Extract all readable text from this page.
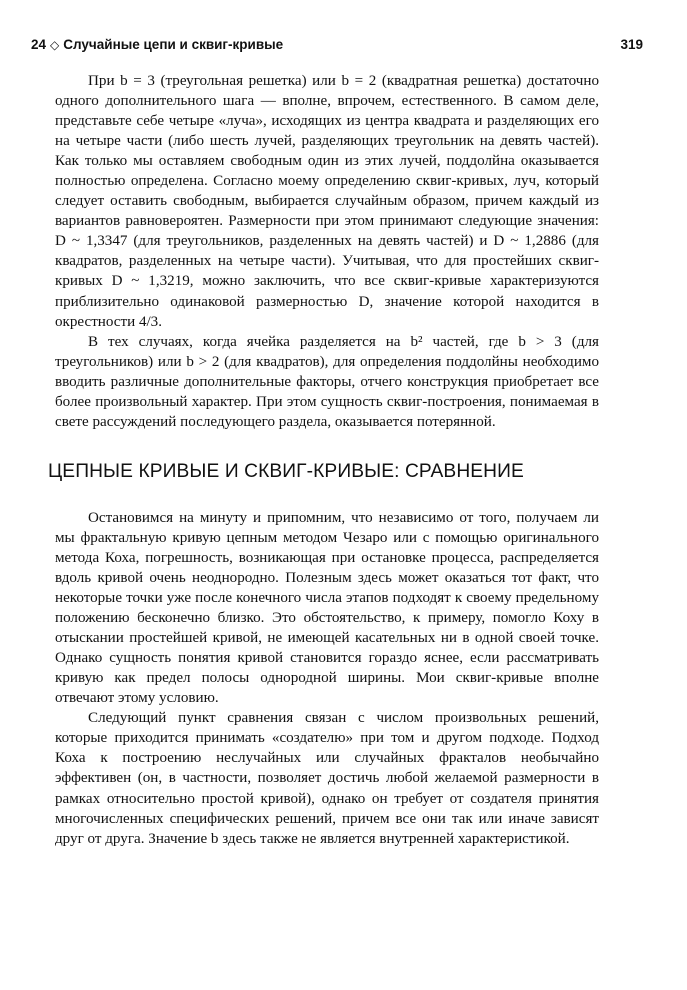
24 ◇ Случайные цепи и сквиг-кривые	319

При b = 3 (треугольная решетка) или b = 2 (квадратная решетка) достаточно одного дополнительного шага — вполне, впрочем, естественного. В самом деле, представьте себе четыре «луча», исходящих из центра квадрата и разделяющих его на четыре части (либо шесть лучей, разделяющих треугольник на девять частей). Как только мы оставляем свободным один из этих лучей, поддолйна оказывается полностью определена. Согласно моему определению сквиг-кривых, луч, который следует оставить свободным, выбирается случайным образом, причем каждый из вариантов равновероятен. Размерности при этом принимают следующие значения: D ~ 1,3347 (для треугольников, разделенных на девять частей) и D ~ 1,2886 (для квадратов, разделенных на четыре части). Учитывая, что для простейших сквиг-кривых D ~ 1,3219, можно заключить, что все сквиг-кривые характеризуются приблизительно одинаковой размерностью D, значение которой находится в окрестности 4/3.

В тех случаях, когда ячейка разделяется на b² частей, где b > 3 (для треугольников) или b > 2 (для квадратов), для определения поддолйны необходимо вводить различные дополнительные факторы, отчего конструкция приобретает все более произвольный характер. При этом сущность сквиг-построения, понимаемая в свете рассуждений последующего раздела, оказывается потерянной.

ЦЕПНЫЕ КРИВЫЕ И СКВИГ-КРИВЫЕ: СРАВНЕНИЕ

Остановимся на минуту и припомним, что независимо от того, получаем ли мы фрактальную кривую цепным методом Чезаро или с помощью оригинального метода Коха, погрешность, возникающая при остановке процесса, распределяется вдоль кривой очень неоднородно. Полезным здесь может оказаться тот факт, что некоторые точки уже после конечного числа этапов подходят к своему предельному положению бесконечно близко. Это обстоятельство, к примеру, помогло Коху в отыскании простейшей кривой, не имеющей касательных ни в одной своей точке. Однако сущность понятия кривой становится гораздо яснее, если рассматривать кривую как предел полосы однородной ширины. Мои сквиг-кривые вполне отвечают этому условию.

Следующий пункт сравнения связан с числом произвольных решений, которые приходится принимать «создателю» при том и другом подходе. Подход Коха к построению неслучайных или случайных фракталов необычайно эффективен (он, в частности, позволяет достичь любой желаемой размерности в рамках относительно простой кривой), однако он требует от создателя принятия многочисленных специфических решений, причем все они так или иначе зависят друг от друга. Значение b здесь также не является внутренней характеристикой.
